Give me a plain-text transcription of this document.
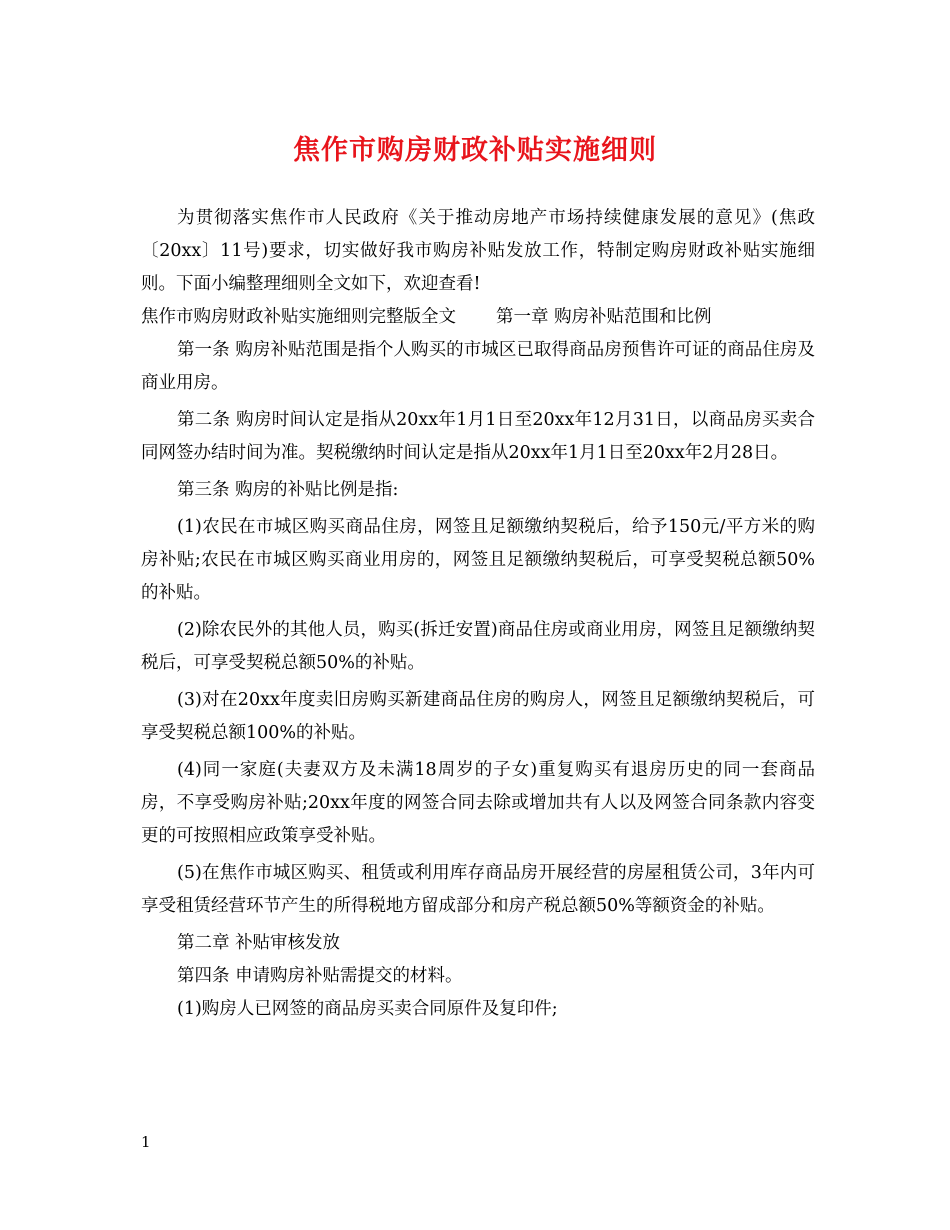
焦作市购房财政补贴实施细则

为贯彻落实焦作市人民政府《关于推动房地产市场持续健康发展的意见》(焦政〔20xx〕11号)要求，切实做好我市购房补贴发放工作，特制定购房财政补贴实施细则。下面小编整理细则全文如下，欢迎查看!

焦作市购房财政补贴实施细则完整版全文 第一章 购房补贴范围和比例

第一条 购房补贴范围是指个人购买的市城区已取得商品房预售许可证的商品住房及商业用房。

第二条 购房时间认定是指从20xx年1月1日至20xx年12月31日，以商品房买卖合同网签办结时间为准。契税缴纳时间认定是指从20xx年1月1日至20xx年2月28日。

第三条 购房的补贴比例是指:

(1)农民在市城区购买商品住房，网签且足额缴纳契税后，给予150元/平方米的购房补贴;农民在市城区购买商业用房的，网签且足额缴纳契税后，可享受契税总额50%的补贴。

(2)除农民外的其他人员，购买(拆迁安置)商品住房或商业用房，网签且足额缴纳契税后，可享受契税总额50%的补贴。

(3)对在20xx年度卖旧房购买新建商品住房的购房人，网签且足额缴纳契税后，可享受契税总额100%的补贴。

(4)同一家庭(夫妻双方及未满18周岁的子女)重复购买有退房历史的同一套商品房，不享受购房补贴;20xx年度的网签合同去除或增加共有人以及网签合同条款内容变更的可按照相应政策享受补贴。

(5)在焦作市城区购买、租赁或利用库存商品房开展经营的房屋租赁公司，3年内可享受租赁经营环节产生的所得税地方留成部分和房产税总额50%等额资金的补贴。

第二章 补贴审核发放

第四条 申请购房补贴需提交的材料。

(1)购房人已网签的商品房买卖合同原件及复印件;

1
